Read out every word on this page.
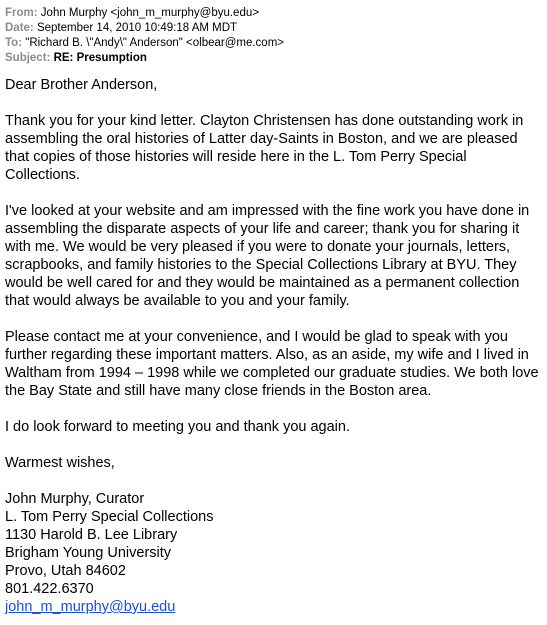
From: John Murphy <john_m_murphy@byu.edu>
Date: September 14, 2010 10:49:18 AM MDT
To: "Richard B. \"Andy\" Anderson" <olbear@me.com>
Subject: RE: Presumption

Dear Brother Anderson,

Thank you for your kind letter. Clayton Christensen has done outstanding work in assembling the oral histories of Latter day-Saints in Boston, and we are pleased that copies of those histories will reside here in the L. Tom Perry Special Collections.

I've looked at your website and am impressed with the fine work you have done in assembling the disparate aspects of your life and career; thank you for sharing it with me. We would be very pleased if you were to donate your journals, letters, scrapbooks, and family histories to the Special Collections Library at BYU. They would be well cared for and they would be maintained as a permanent collection that would always be available to you and your family.

Please contact me at your convenience, and I would be glad to speak with you further regarding these important matters. Also, as an aside, my wife and I lived in Waltham from 1994 – 1998 while we completed our graduate studies. We both love the Bay State and still have many close friends in the Boston area.

I do look forward to meeting you and thank you again.

Warmest wishes,

John Murphy, Curator
L. Tom Perry Special Collections
1130 Harold B. Lee Library
Brigham Young University
Provo, Utah 84602
801.422.6370
john_m_murphy@byu.edu
